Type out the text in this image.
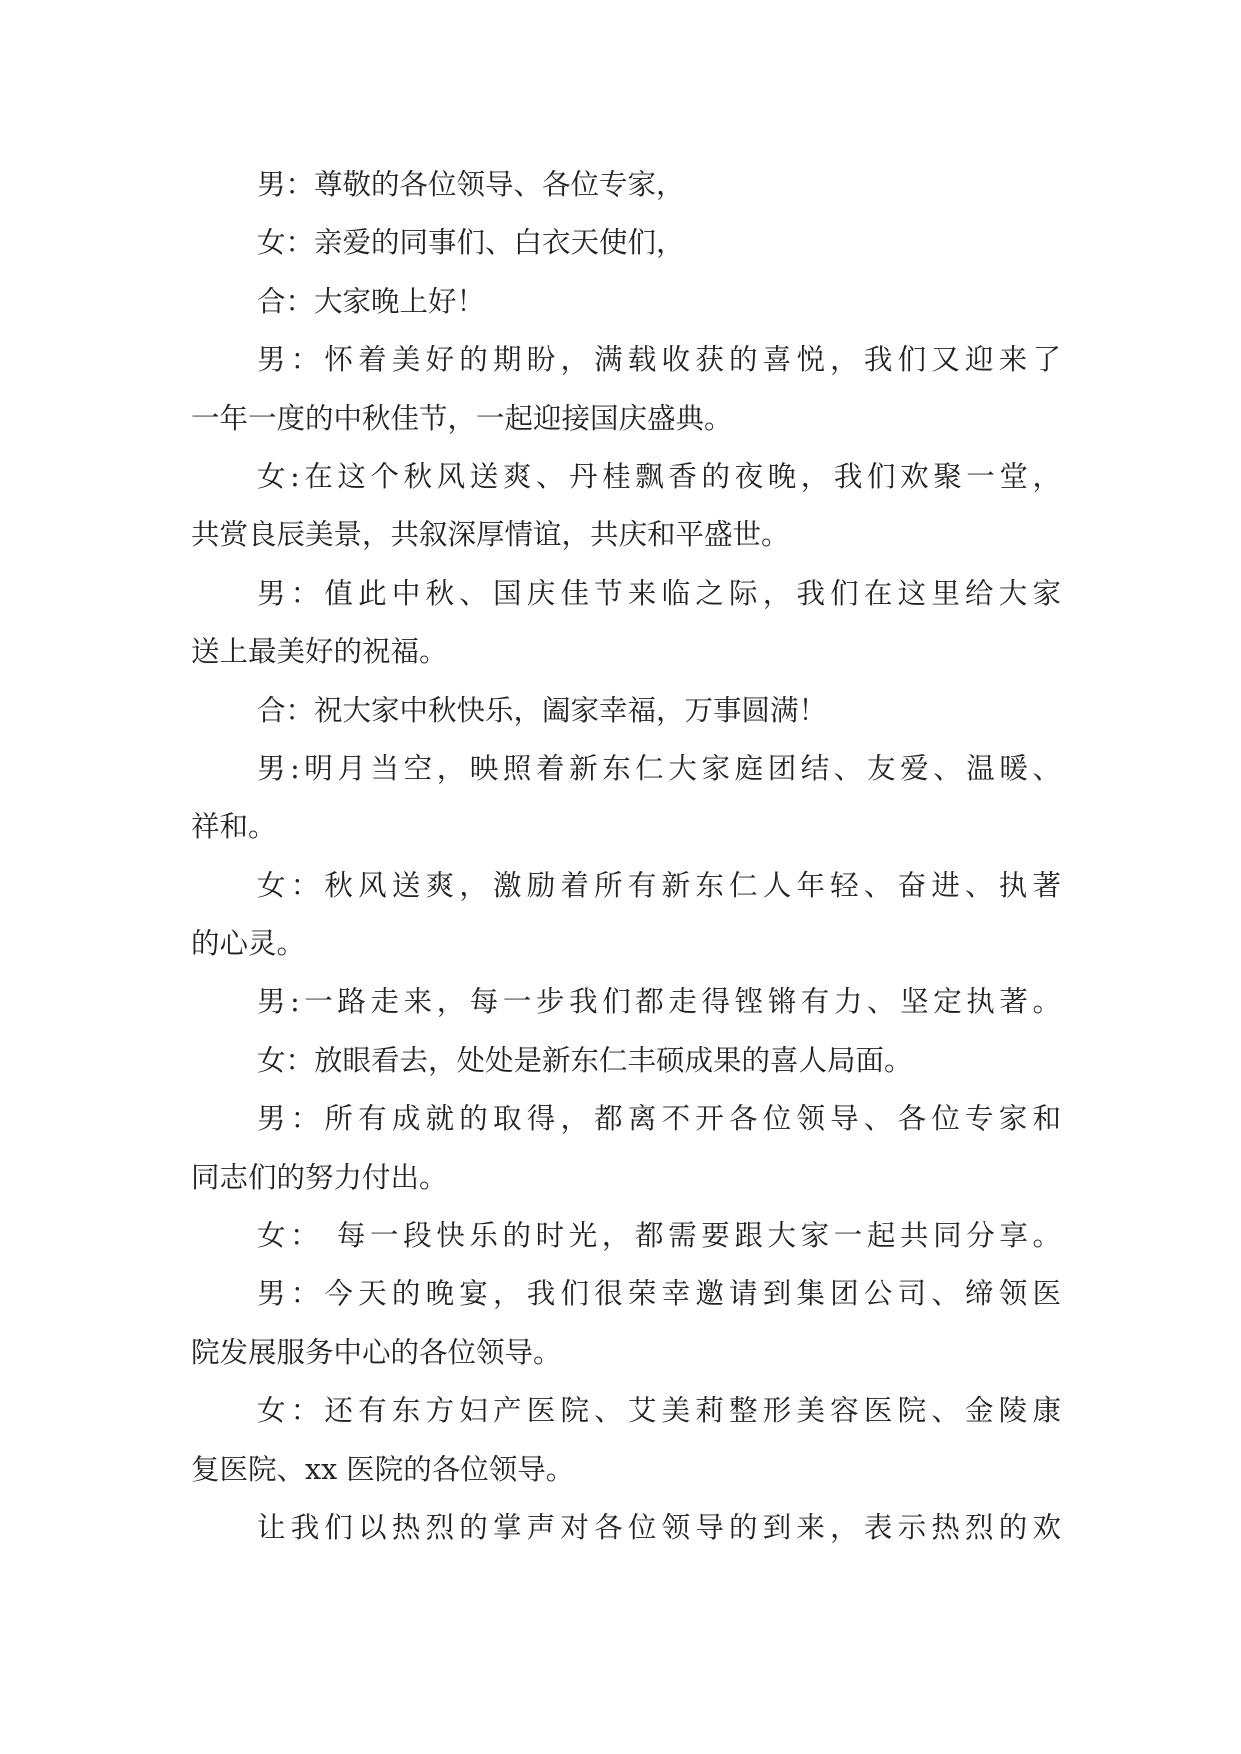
男：尊敬的各位领导、各位专家，
女：亲爱的同事们、白衣天使们，
合：大家晚上好！
男：怀着美好的期盼，满载收获的喜悦，我们又迎来了
一年一度的中秋佳节，一起迎接国庆盛典。
女:在这个秋风送爽、丹桂飘香的夜晚，我们欢聚一堂，
共赏良辰美景，共叙深厚情谊，共庆和平盛世。
男：值此中秋、国庆佳节来临之际，我们在这里给大家
送上最美好的祝福。
合：祝大家中秋快乐，阖家幸福，万事圆满！
男:明月当空，映照着新东仁大家庭团结、友爱、温暖、
祥和。
女：秋风送爽，激励着所有新东仁人年轻、奋进、执著
的心灵。
男:一路走来，每一步我们都走得铿锵有力、坚定执著。
女：放眼看去，处处是新东仁丰硕成果的喜人局面。
男：所有成就的取得，都离不开各位领导、各位专家和
同志们的努力付出。
女： 每一段快乐的时光，都需要跟大家一起共同分享。
男：今天的晚宴，我们很荣幸邀请到集团公司、缔领医
院发展服务中心的各位领导。
女：还有东方妇产医院、艾美莉整形美容医院、金陵康
复医院、xx 医院的各位领导。
让我们以热烈的掌声对各位领导的到来，表示热烈的欢
